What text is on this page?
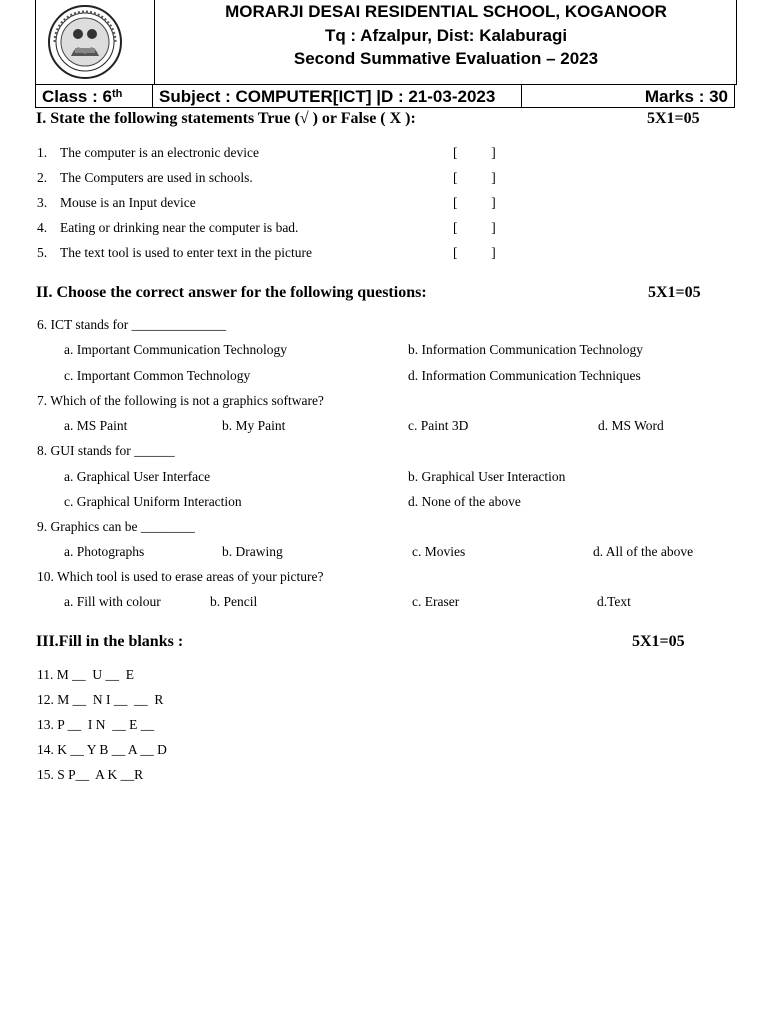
MORARJI DESAI RESIDENTIAL SCHOOL, KOGANOOR
Tq : Afzalpur, Dist: Kalaburagi
Second Summative Evaluation – 2023
Class : 6th	Subject : COMPUTER[ICT] |D : 21-03-2023	Marks : 30
I. State the following statements True (√ ) or False ( X ):	5X1=05
1. The computer is an electronic device	[          ]
2. The Computers are used in schools.	[          ]
3. Mouse is an Input device	[          ]
4. Eating or drinking near the computer is bad.	[          ]
5. The text tool is used to enter text in the picture	[          ]
II. Choose the correct answer for the following questions:	5X1=05
6. ICT stands for ______________
a. Important Communication Technology	b. Information Communication Technology
c. Important Common Technology	d. Information Communication Techniques
7. Which of the following is not a graphics software?
a. MS Paint	b. My Paint	c. Paint 3D	d. MS Word
8. GUI stands for ______
a. Graphical User Interface	b. Graphical User Interaction
c. Graphical Uniform Interaction	d. None of the above
9. Graphics can be ________
a. Photographs	b. Drawing	c. Movies	d. All of the above
10. Which tool is used to erase areas of your picture?
a. Fill with colour	b. Pencil	c. Eraser	d.Text
III.Fill in the blanks :	5X1=05
11. M __  U __  E
12. M __  N I __  __  R
13. P __  I N  __ E __
14. K __ Y B __ A __ D
15. S P__  A K __R
